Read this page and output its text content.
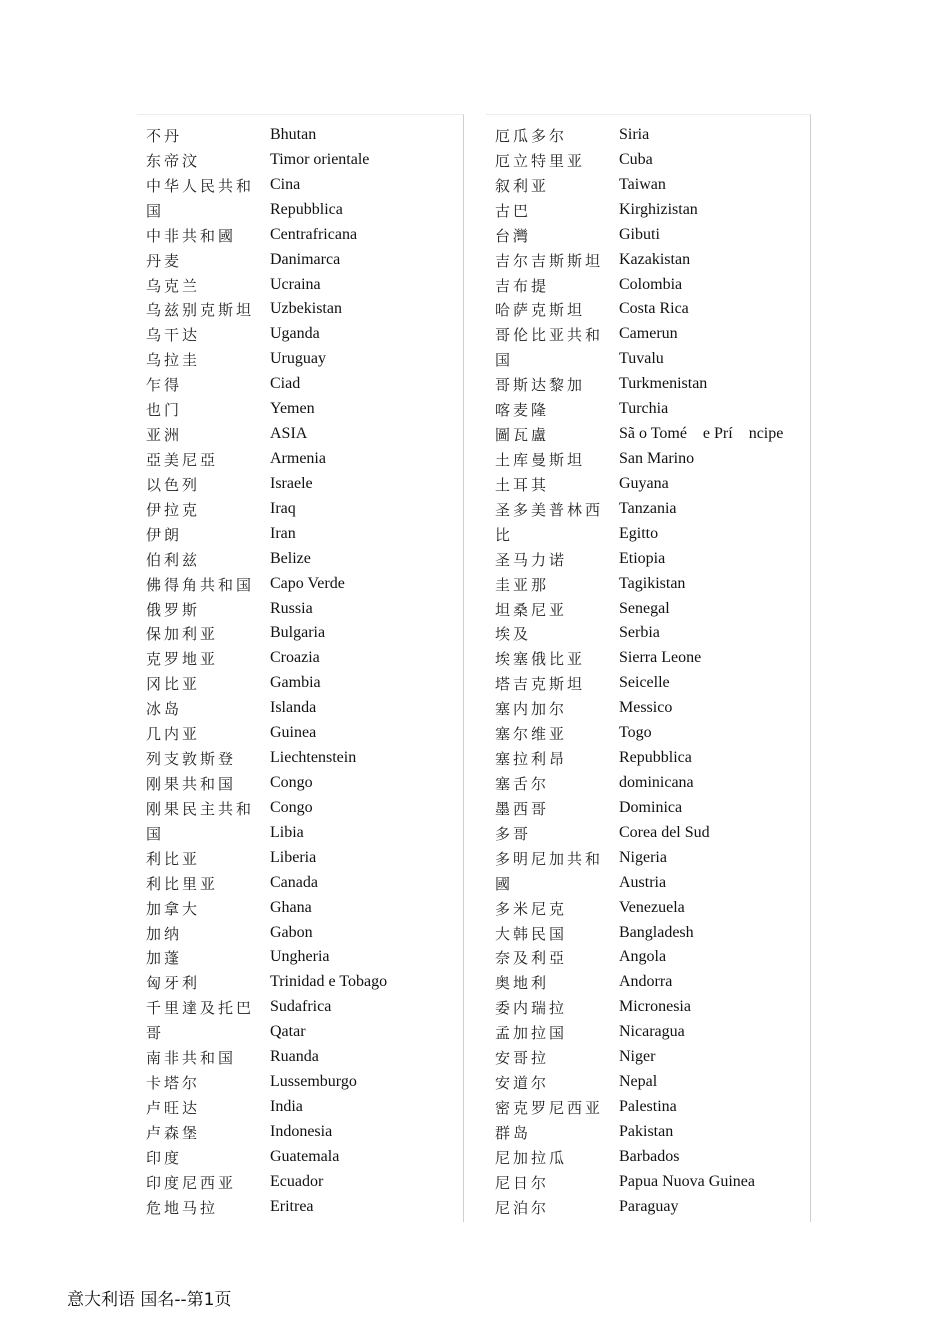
不丹
东帝汶
中华人民共和
国
中非共和國
丹麦
乌克兰
乌兹别克斯坦
乌干达
乌拉圭
乍得
也门
亚洲
亞美尼亞
以色列
伊拉克
伊朗
伯利兹
佛得角共和国
俄罗斯
保加利亚
克罗地亚
冈比亚
冰岛
几内亚
列支敦斯登
刚果共和国
刚果民主共和
国
利比亚
利比里亚
加拿大
加纳
加蓬
匈牙利
千里達及托巴
哥
南非共和国
卡塔尔
卢旺达
卢森堡
印度
印度尼西亚
危地马拉
Bhutan
Timor orientale
Cina
Repubblica
Centrafricana
Danimarca
Ucraina
Uzbekistan
Uganda
Uruguay
Ciad
Yemen
ASIA
Armenia
Israele
Iraq
Iran
Belize
Capo Verde
Russia
Bulgaria
Croazia
Gambia
Islanda
Guinea
Liechtenstein
Congo
Congo
Libia
Liberia
Canada
Ghana
Gabon
Ungheria
Trinidad e Tobago
Sudafrica
Qatar
Ruanda
Lussemburgo
India
Indonesia
Guatemala
Ecuador
Eritrea
厄瓜多尔
厄立特里亚
叙利亚
古巴
台灣
吉尔吉斯斯坦
吉布提
哈萨克斯坦
哥伦比亚共和
国
哥斯达黎加
喀麦隆
圖瓦盧
土库曼斯坦
土耳其
圣多美普林西
比
圣马力诺
圭亚那
坦桑尼亚
埃及
埃塞俄比亚
塔吉克斯坦
塞内加尔
塞尔维亚
塞拉利昂
塞舌尔
墨西哥
多哥
多明尼加共和
國
多米尼克
大韩民国
奈及利亞
奥地利
委内瑞拉
孟加拉国
安哥拉
安道尔
密克罗尼西亚
群岛
尼加拉瓜
尼日尔
尼泊尔
Siria
Cuba
Taiwan
Kirghizistan
Gibuti
Kazakistan
Colombia
Costa Rica
Camerun
Tuvalu
Turkmenistan
Turchia
Sã o Tomé　e Prí　ncipe
San Marino
Guyana
Tanzania
Egitto
Etiopia
Tagikistan
Senegal
Serbia
Sierra Leone
Seicelle
Messico
Togo
Repubblica
dominicana
Dominica
Corea del Sud
Nigeria
Austria
Venezuela
Bangladesh
Angola
Andorra
Micronesia
Nicaragua
Niger
Nepal
Palestina
Pakistan
Barbados
Papua Nuova Guinea
Paraguay
意大利语 国名--第1页
